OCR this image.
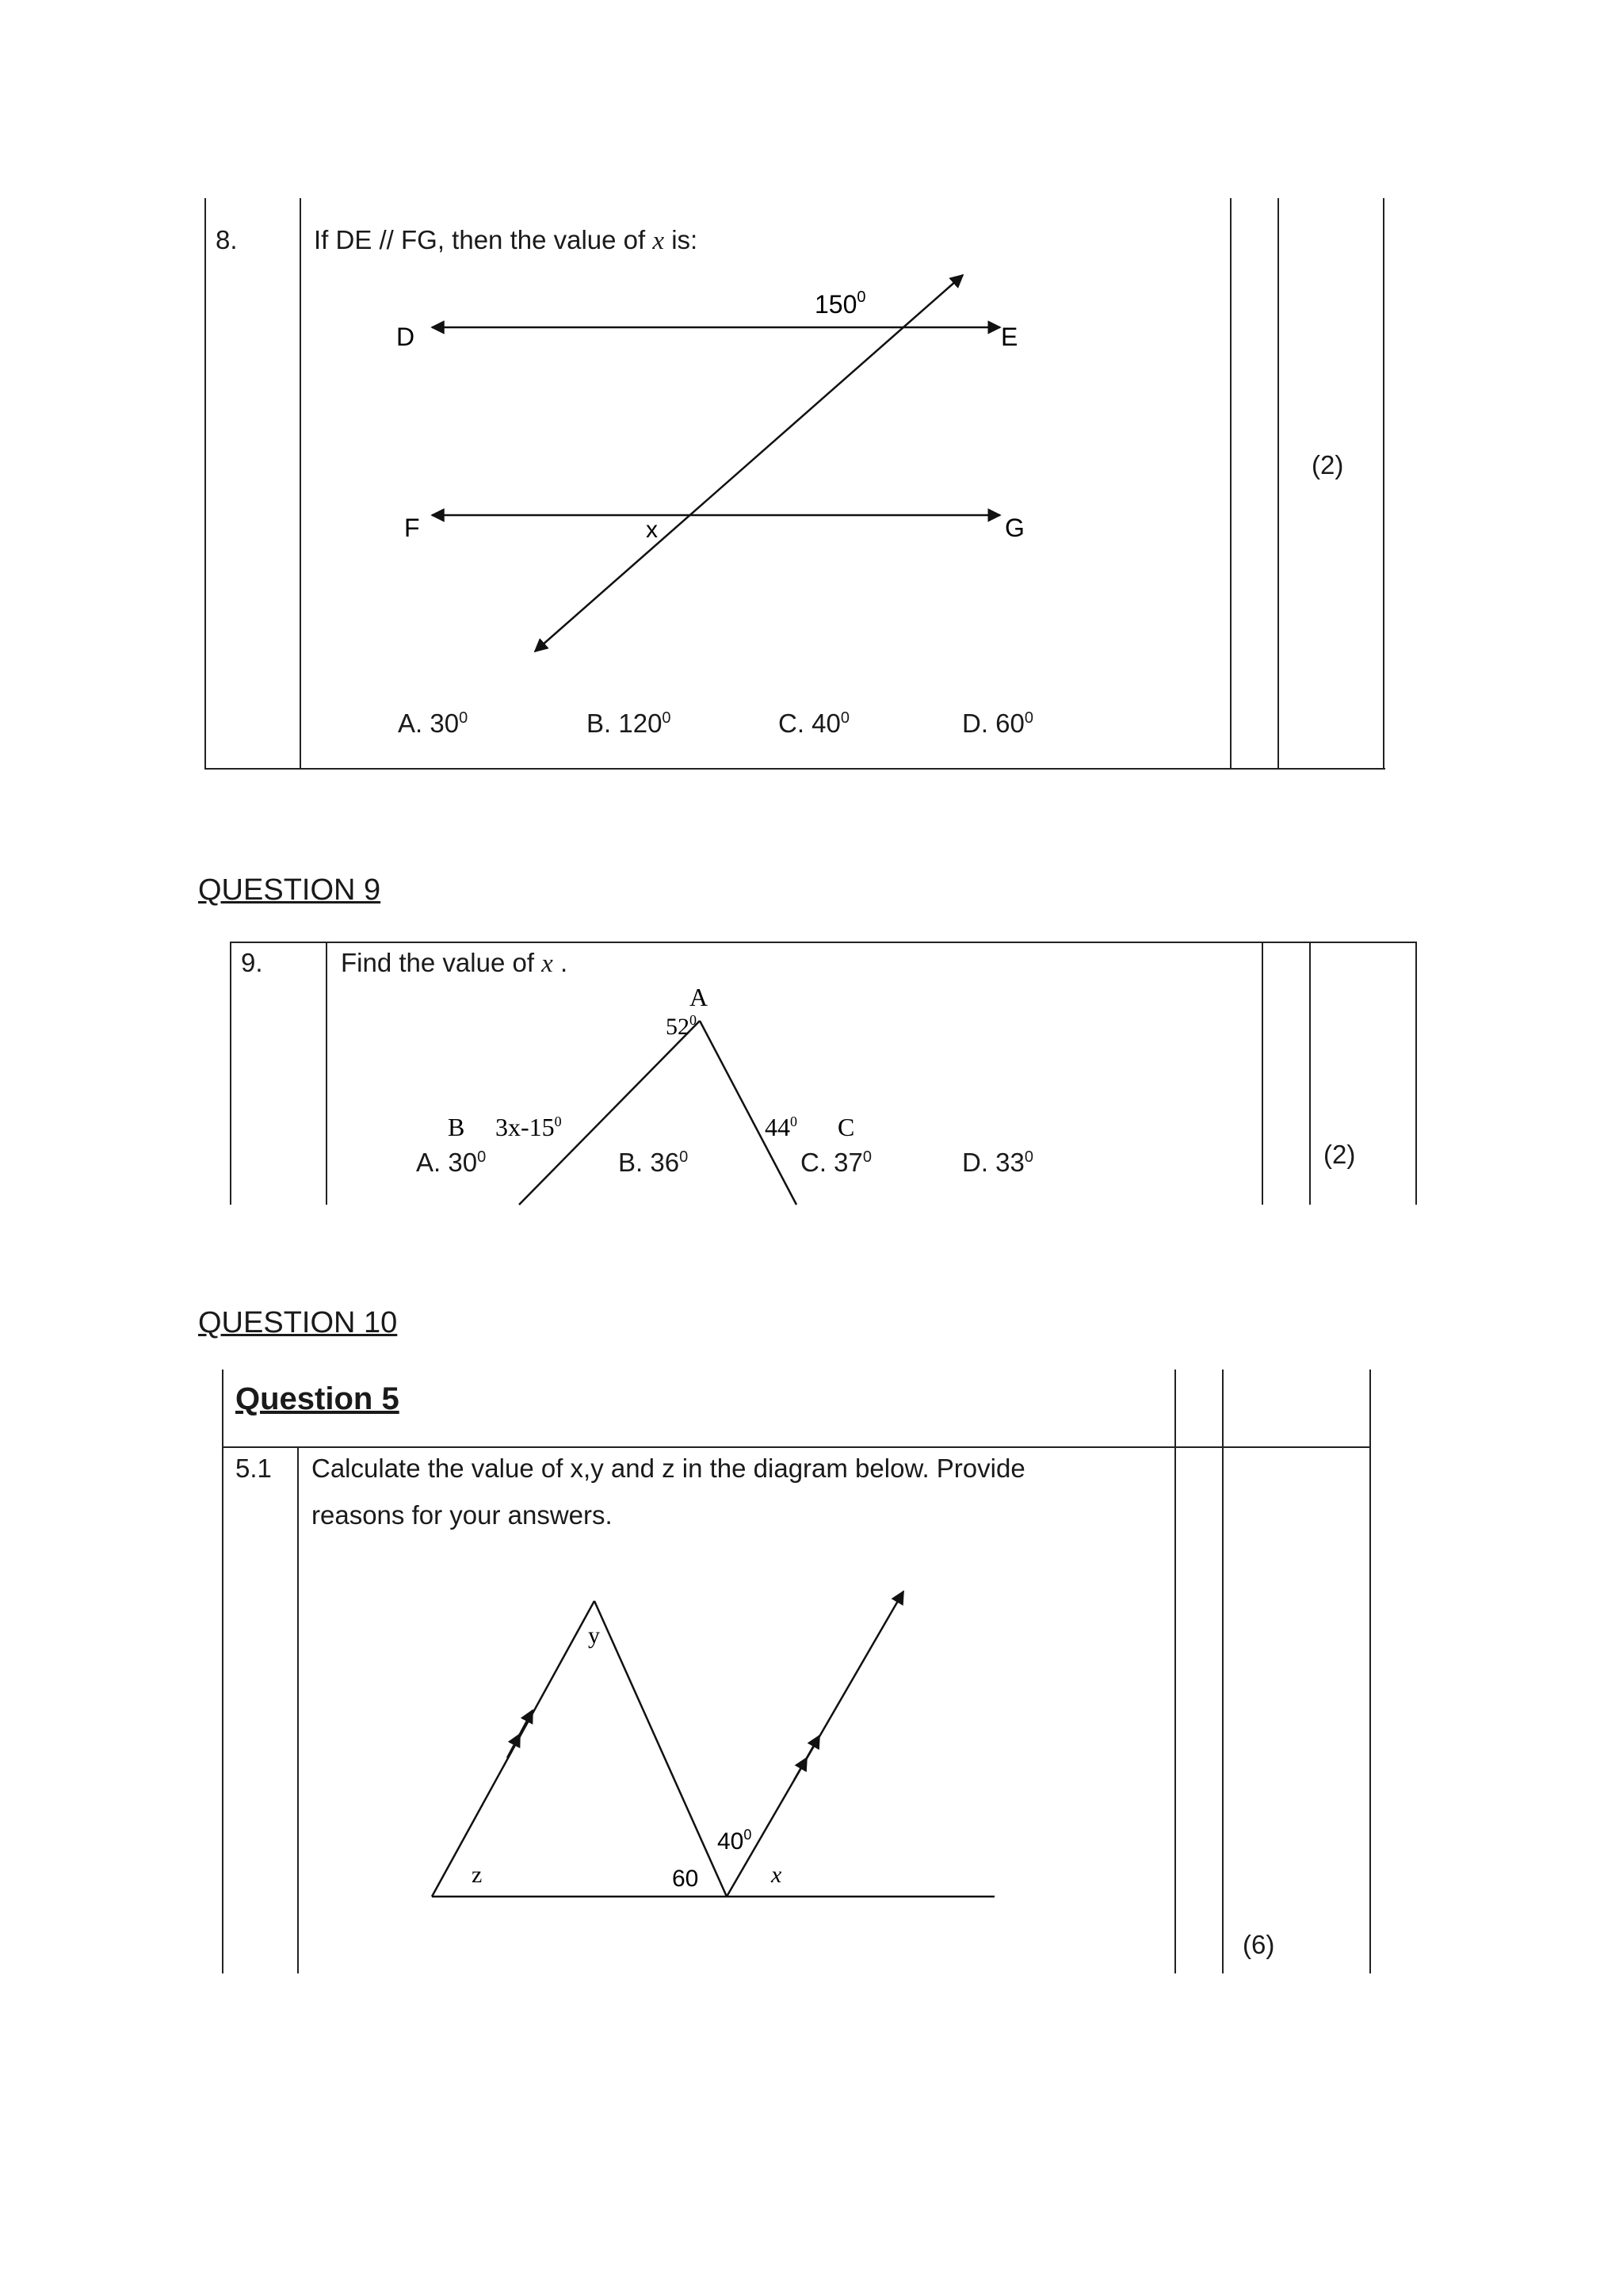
8.	If DE // FG, then the value of x is:
D	E
F	G
$150^0$
x
A. $30^0$	B. $120^0$	C. $40^0$	D. $60^0$
(2)
QUESTION 9
9.	Find the value of x .
A
$52^0$
B $3x-15^0$	$44^0$ C
A. $30^0$	B. $36^0$	C. $37^0$	D. $33^0$	(2)
QUESTION 10
Question 5
5.1 Calculate the value of x,y and z in the diagram below. Provide
reasons for your answers.
y
z	60
$40^0$
x
(6)
